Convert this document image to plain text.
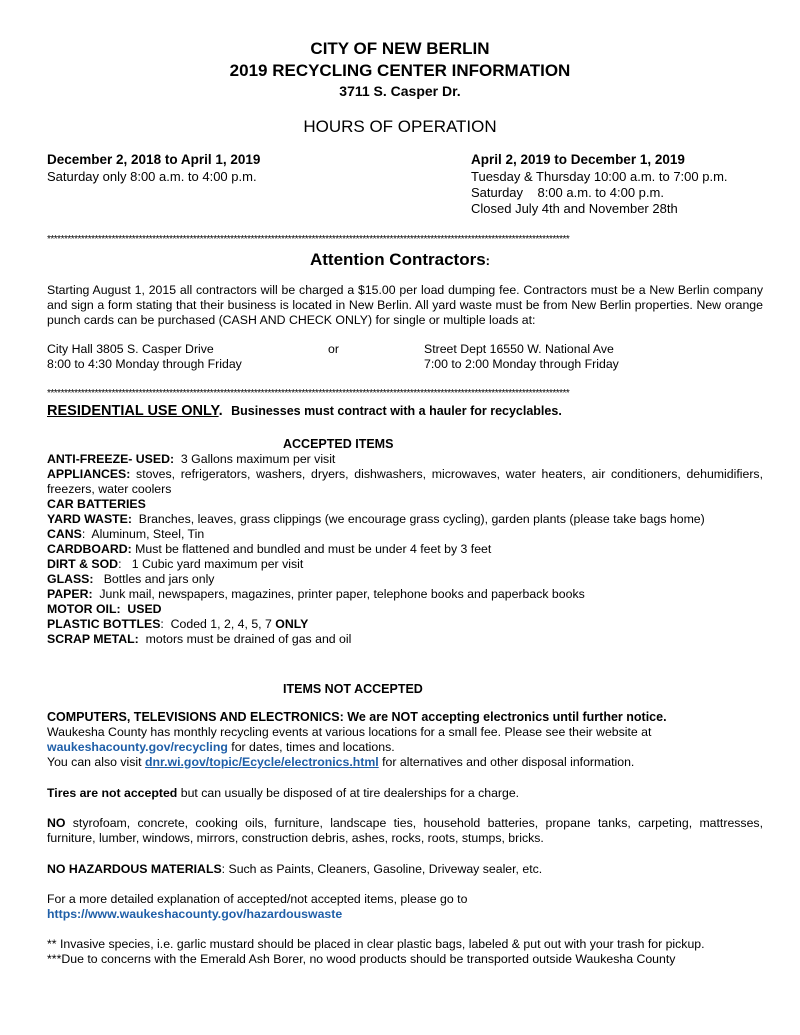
CITY OF NEW BERLIN
2019 RECYCLING CENTER INFORMATION
3711 S. Casper Dr.
HOURS OF OPERATION
December 2, 2018 to April 1, 2019
Saturday only 8:00 a.m. to 4:00 p.m.
April 2, 2019 to December 1, 2019
Tuesday & Thursday 10:00 a.m. to 7:00 p.m.
Saturday    8:00 a.m. to 4:00 p.m.
Closed July 4th and November 28th
**********************************************************************************************************************************************************
Attention Contractors:
Starting August 1, 2015 all contractors will be charged a $15.00 per load dumping fee. Contractors must be a New Berlin company and sign a form stating that their business is located in New Berlin. All yard waste must be from New Berlin properties. New orange punch cards can be purchased (CASH AND CHECK ONLY) for single or multiple loads at:
City Hall 3805 S. Casper Drive
8:00 to 4:30 Monday through Friday
or	Street Dept 16550 W. National Ave
7:00 to 2:00 Monday through Friday
**********************************************************************************************************************************************************
RESIDENTIAL USE ONLY. Businesses must contract with a hauler for recyclables.
ACCEPTED ITEMS
ANTI-FREEZE- USED:  3 Gallons maximum per visit
APPLIANCES: stoves, refrigerators, washers, dryers, dishwashers, microwaves, water heaters, air conditioners, dehumidifiers, freezers, water coolers
CAR BATTERIES
YARD WASTE:  Branches, leaves, grass clippings (we encourage grass cycling), garden plants (please take bags home)
CANS:  Aluminum, Steel, Tin
CARDBOARD: Must be flattened and bundled and must be under 4 feet by 3 feet
DIRT & SOD:   1 Cubic yard maximum per visit
GLASS:   Bottles and jars only
PAPER:  Junk mail, newspapers, magazines, printer paper, telephone books and paperback books
MOTOR OIL:  USED
PLASTIC BOTTLES:  Coded 1, 2, 4, 5, 7 ONLY
SCRAP METAL:  motors must be drained of gas and oil
ITEMS NOT ACCEPTED
COMPUTERS, TELEVISIONS AND ELECTRONICS: We are NOT accepting electronics until further notice.
Waukesha County has monthly recycling events at various locations for a small fee. Please see their website at
waukeshacounty.gov/recycling for dates, times and locations.
You can also visit dnr.wi.gov/topic/Ecycle/electronics.html for alternatives and other disposal information.
Tires are not accepted but can usually be disposed of at tire dealerships for a charge.
NO styrofoam, concrete, cooking oils, furniture, landscape ties, household batteries, propane tanks, carpeting, mattresses, furniture, lumber, windows, mirrors, construction debris, ashes, rocks, roots, stumps, bricks.
NO HAZARDOUS MATERIALS: Such as Paints, Cleaners, Gasoline, Driveway sealer, etc.
For a more detailed explanation of accepted/not accepted items, please go to
https://www.waukeshacounty.gov/hazardouswaste
** Invasive species, i.e. garlic mustard should be placed in clear plastic bags, labeled & put out with your trash for pickup.
***Due to concerns with the Emerald Ash Borer, no wood products should be transported outside Waukesha County
